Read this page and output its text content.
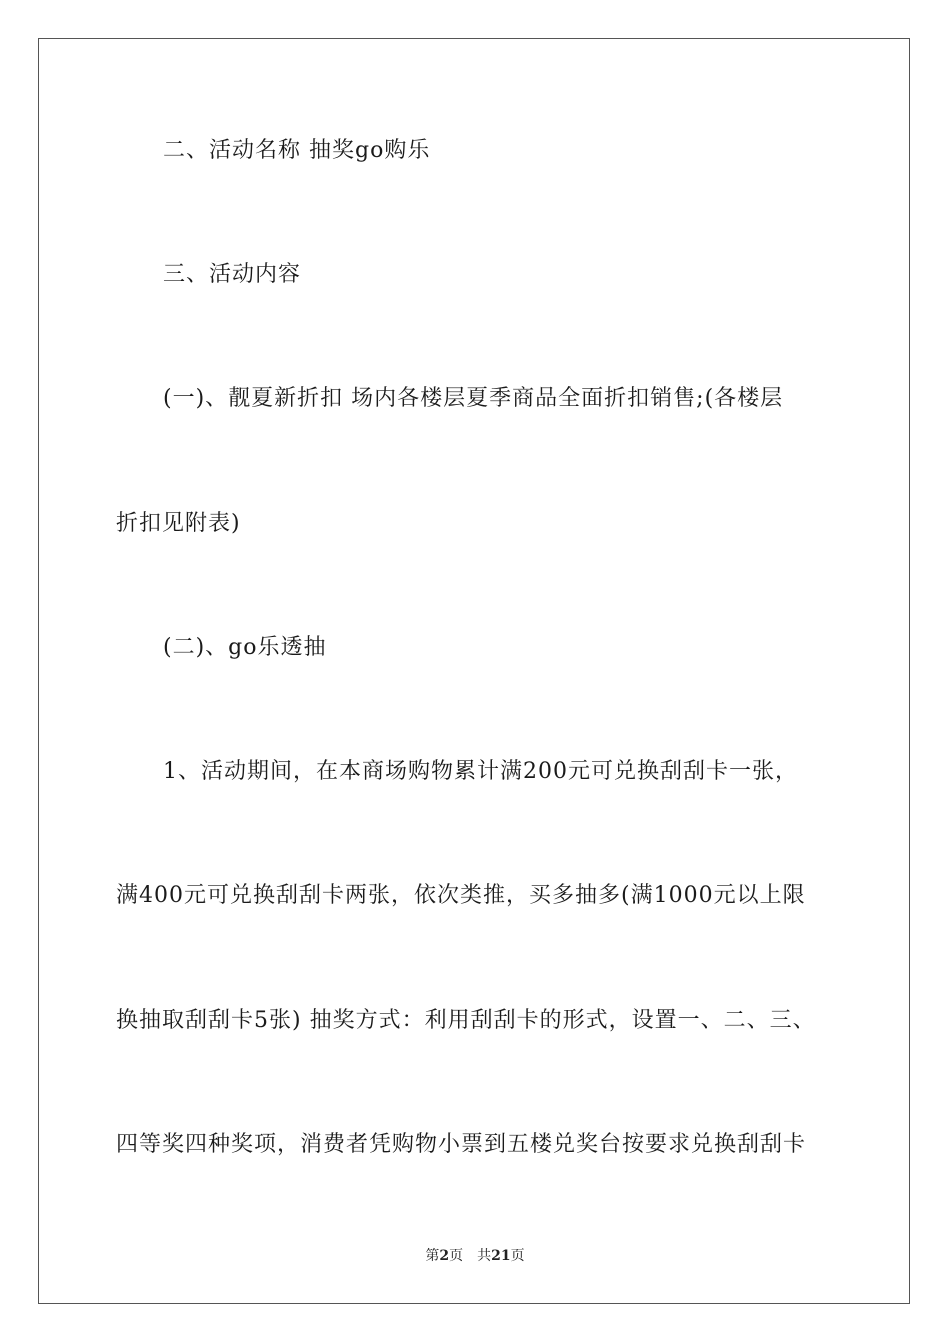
二、活动名称 抽奖go购乐
三、活动内容
(一)、靓夏新折扣 场内各楼层夏季商品全面折扣销售;(各楼层
折扣见附表)
(二)、go乐透抽
1、活动期间，在本商场购物累计满200元可兑换刮刮卡一张，
满400元可兑换刮刮卡两张，依次类推，买多抽多(满1000元以上限
换抽取刮刮卡5张) 抽奖方式：利用刮刮卡的形式，设置一、二、三、
四等奖四种奖项，消费者凭购物小票到五楼兑奖台按要求兑换刮刮卡
第2页 共21页
